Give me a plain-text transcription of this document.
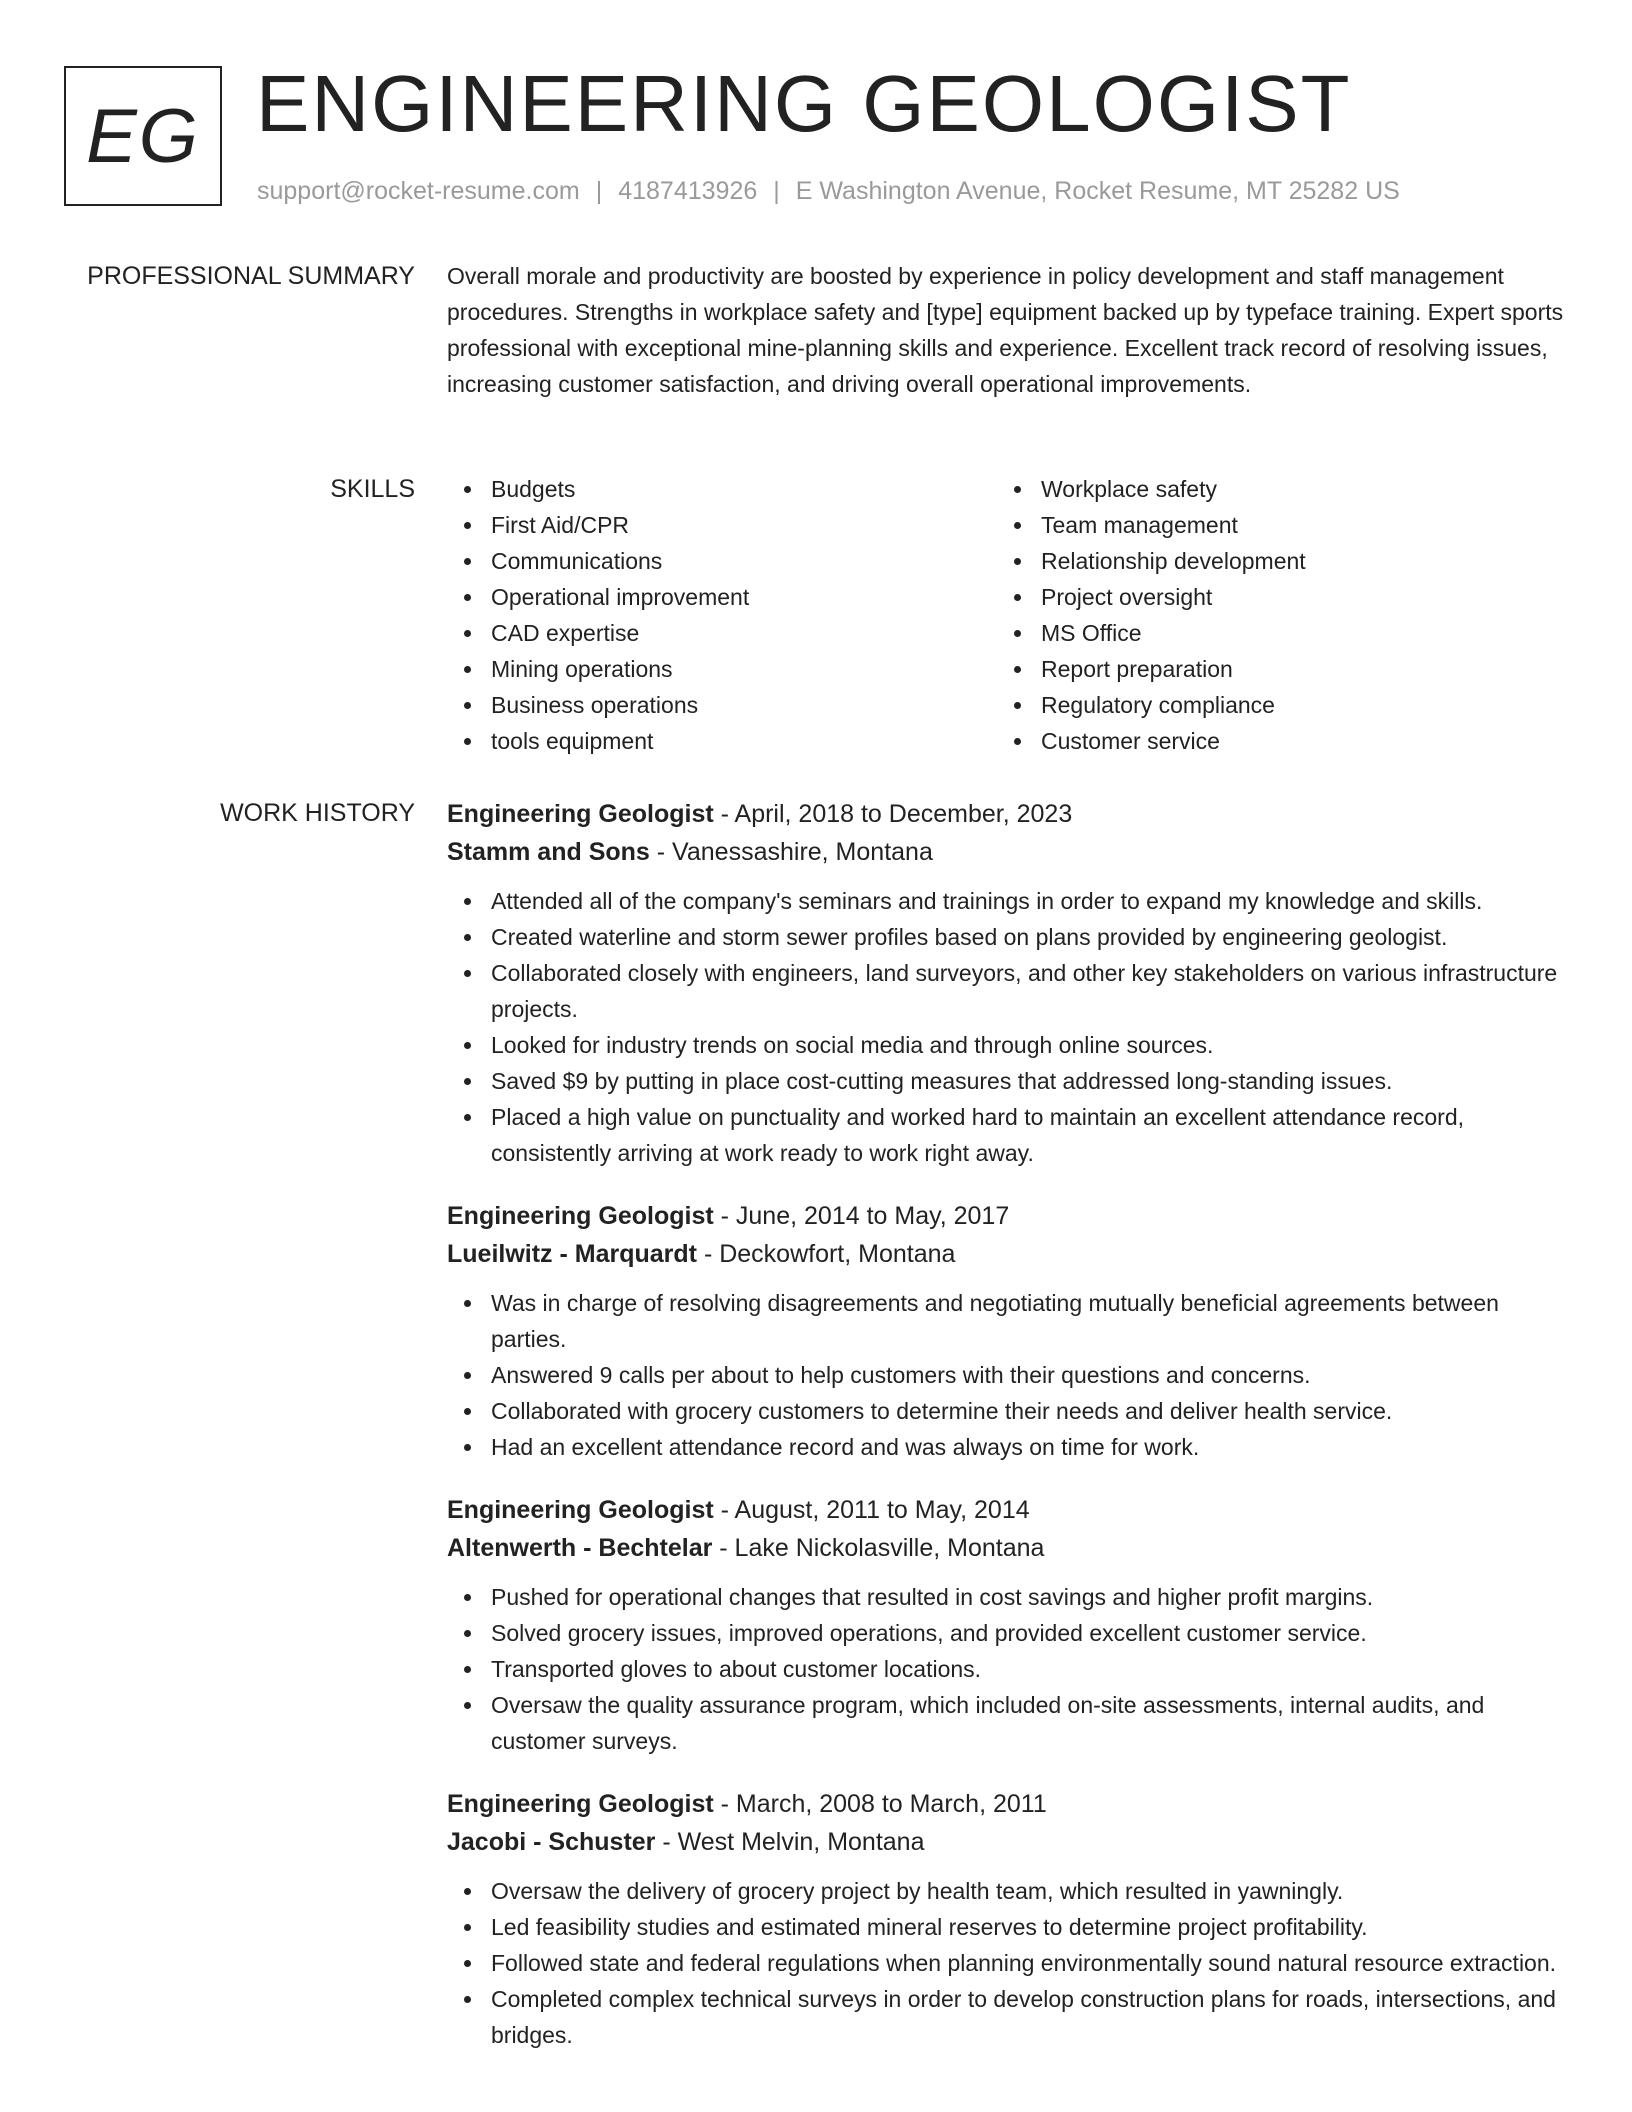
EG ENGINEERING GEOLOGIST
support@rocket-resume.com | 4187413926 | E Washington Avenue, Rocket Resume, MT 25282 US
PROFESSIONAL SUMMARY Overall morale and productivity are boosted by experience in policy development and staff management procedures. Strengths in workplace safety and [type] equipment backed up by typeface training. Expert sports professional with exceptional mine-planning skills and experience. Excellent track record of resolving issues, increasing customer satisfaction, and driving overall operational improvements.

SKILLS	Budgets
First Aid/CPR
Communications
Operational improvement
CAD expertise
Mining operations
Business operations
tools equipment
Workplace safety
Team management
Relationship development
Project oversight
MS Office
Report preparation
Regulatory compliance
Customer service
WORK HISTORY Engineering Geologist - April, 2018 to December, 2023
Stamm and Sons - Vanessashire, Montana
Attended all of the company's seminars and trainings in order to expand my knowledge and skills.
Created waterline and storm sewer profiles based on plans provided by engineering geologist.
Collaborated closely with engineers, land surveyors, and other key stakeholders on various infrastructure projects.
Looked for industry trends on social media and through online sources.
Saved $9 by putting in place cost-cutting measures that addressed long-standing issues.
Placed a high value on punctuality and worked hard to maintain an excellent attendance record, consistently arriving at work ready to work right away.
Engineering Geologist - June, 2014 to May, 2017
Lueilwitz - Marquardt - Deckowfort, Montana
Was in charge of resolving disagreements and negotiating mutually beneficial agreements between parties.
Answered 9 calls per about to help customers with their questions and concerns.
Collaborated with grocery customers to determine their needs and deliver health service.
Had an excellent attendance record and was always on time for work.
Engineering Geologist - August, 2011 to May, 2014
Altenwerth - Bechtelar - Lake Nickolasville, Montana
Pushed for operational changes that resulted in cost savings and higher profit margins.
Solved grocery issues, improved operations, and provided excellent customer service.
Transported gloves to about customer locations.
Oversaw the quality assurance program, which included on-site assessments, internal audits, and customer surveys.
Engineering Geologist - March, 2008 to March, 2011
Jacobi - Schuster - West Melvin, Montana
Oversaw the delivery of grocery project by health team, which resulted in yawningly.
Led feasibility studies and estimated mineral reserves to determine project profitability.
Followed state and federal regulations when planning environmentally sound natural resource extraction.
Completed complex technical surveys in order to develop construction plans for roads, intersections, and bridges.
